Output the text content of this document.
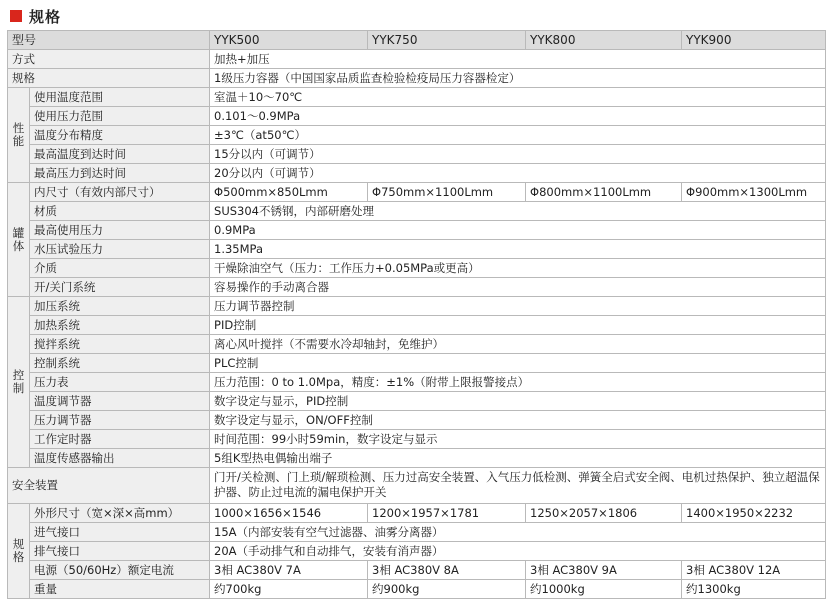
规格
型号		YYK500	YYK750	YYK800	YYK900
方式		加热+加压			
规格		1级压力容器（中国国家品质监查检验检疫局压力容器检定）			
性能	使用温度范围	室温＋10～70℃			
	使用压力范围	0.101～0.9MPa			
	温度分布精度	±3℃（at50℃）			
	最高温度到达时间	15分以内（可调节）			
	最高压力到达时间	20分以内（可调节）			
罐体	内尺寸（有效内部尺寸）	Φ500mm×850Lmm	Φ750mm×1100Lmm	Φ800mm×1100Lmm	Φ900mm×1300Lmm
	材质	SUS304不锈钢，内部研磨处理			
	最高使用压力	0.9MPa			
	水压试验压力	1.35MPa			
	介质	干燥除油空气（压力：工作压力+0.05MPa或更高）			
	开/关门系统	容易操作的手动离合器			
控制	加压系统	压力调节器控制			
	加热系统	PID控制			
	搅拌系统	离心风叶搅拌（不需要水冷却轴封，免维护）			
	控制系统	PLC控制			
	压力表	压力范围：0 to 1.0Mpa，精度：±1%（附带上限报警接点）			
	温度调节器	数字设定与显示，PID控制			
	压力调节器	数字设定与显示，ON/OFF控制			
	工作定时器	时间范围：99小时59min，数字设定与显示			
	温度传感器输出	5组K型热电偶输出端子			
安全装置		门开/关检测、门上琐/解琐检测、压力过高安全装置、入气压力低检测、弹簧全启式安全阀、电机过热保护、独立超温保护器、防止过电流的漏电保护开关			
规格	外形尺寸（宽×深×高mm）	1000×1656×1546	1200×1957×1781	1250×2057×1806	1400×1950×2232
	进气接口	15A（内部安装有空气过滤器、油雾分离器）			
	排气接口	20A（手动排气和自动排气，安装有消声器）			
	电源（50/60Hz）额定电流	3相 AC380V 7A	3相 AC380V 8A	3相 AC380V 9A	3相 AC380V 12A
	重量	约700kg	约900kg	约1000kg	约1300kg
